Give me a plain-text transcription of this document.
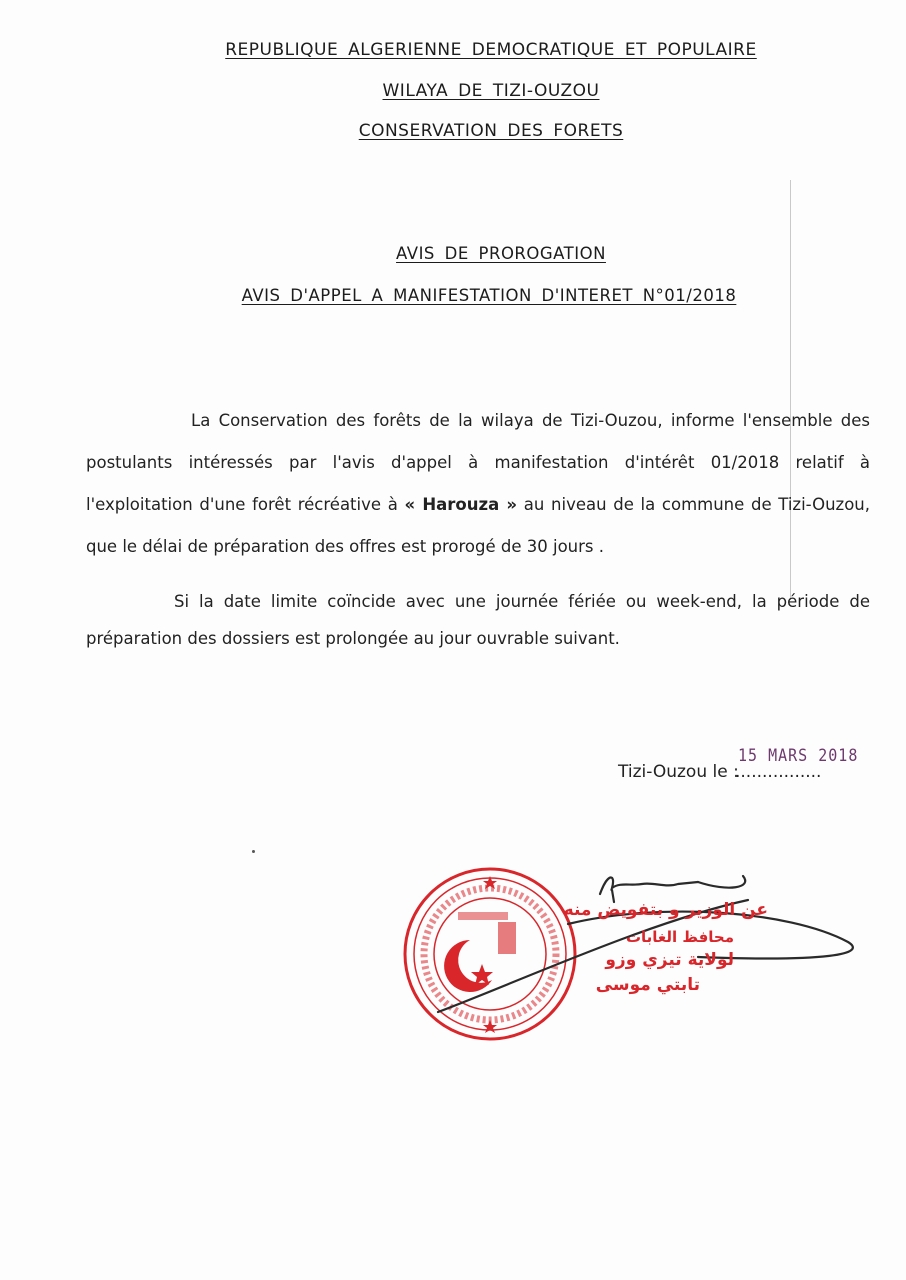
REPUBLIQUE ALGERIENNE DEMOCRATIQUE ET POPULAIRE
WILAYA DE TIZI-OUZOU
CONSERVATION DES FORETS
AVIS DE PROROGATION
AVIS D'APPEL A MANIFESTATION D'INTERET N°01/2018
La Conservation des forêts de la wilaya de Tizi-Ouzou, informe l'ensemble des postulants intéressés par l'avis d'appel à manifestation d'intérêt 01/2018 relatif à l'exploitation d'une forêt récréative à « Harouza » au niveau de la commune de Tizi-Ouzou, que le délai de préparation des offres est prorogé de 30 jours .
Si la date limite coïncide avec une journée fériée ou week-end, la période de préparation des dossiers est prolongée au jour ouvrable suivant.
15 MARS 2018
Tizi-Ouzou le :
................
عن الوزير و بتفويض منه
محافظ الغابات
لولاية تيزي وزو
تابتي موسى
